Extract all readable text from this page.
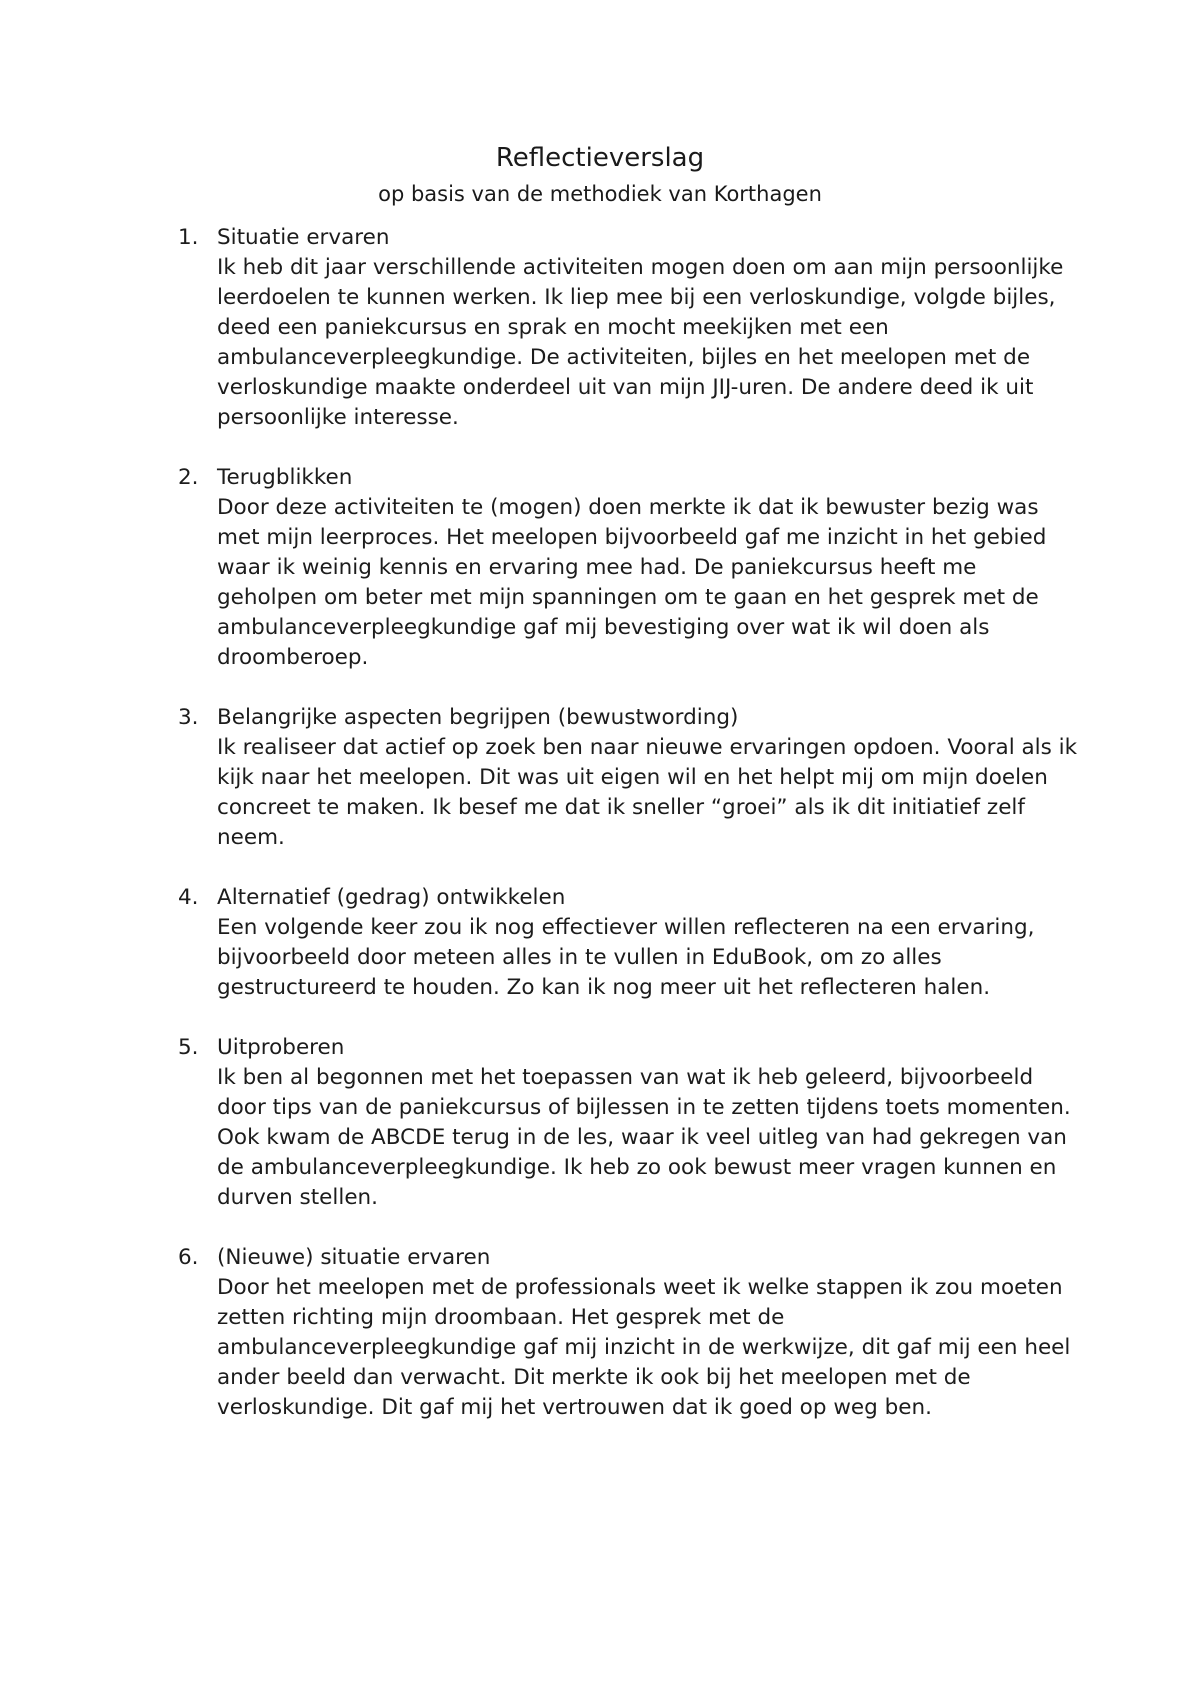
Reflectieverslag
op basis van de methodiek van Korthagen
1. Situatie ervaren
Ik heb dit jaar verschillende activiteiten mogen doen om aan mijn persoonlijke leerdoelen te kunnen werken. Ik liep mee bij een verloskundige, volgde bijles, deed een paniekcursus en sprak en mocht meekijken met een ambulanceverpleegkundige. De activiteiten, bijles en het meelopen met de verloskundige maakte onderdeel uit van mijn JIJ-uren. De andere deed ik uit persoonlijke interesse.
2. Terugblikken
Door deze activiteiten te (mogen) doen merkte ik dat ik bewuster bezig was met mijn leerproces. Het meelopen bijvoorbeeld gaf me inzicht in het gebied waar ik weinig kennis en ervaring mee had. De paniekcursus heeft me geholpen om beter met mijn spanningen om te gaan en het gesprek met de ambulanceverpleegkundige gaf mij bevestiging over wat ik wil doen als droomberoep.
3. Belangrijke aspecten begrijpen (bewustwording)
Ik realiseer dat actief op zoek ben naar nieuwe ervaringen opdoen. Vooral als ik kijk naar het meelopen. Dit was uit eigen wil en het helpt mij om mijn doelen concreet te maken. Ik besef me dat ik sneller “groei” als ik dit initiatief zelf neem.
4. Alternatief (gedrag) ontwikkelen
Een volgende keer zou ik nog effectiever willen reflecteren na een ervaring, bijvoorbeeld door meteen alles in te vullen in EduBook, om zo alles gestructureerd te houden. Zo kan ik nog meer uit het reflecteren halen.
5. Uitproberen
Ik ben al begonnen met het toepassen van wat ik heb geleerd, bijvoorbeeld door tips van de paniekcursus of bijlessen in te zetten tijdens toets momenten. Ook kwam de ABCDE terug in de les, waar ik veel uitleg van had gekregen van de ambulanceverpleegkundige. Ik heb zo ook bewust meer vragen kunnen en durven stellen.
6. (Nieuwe) situatie ervaren
Door het meelopen met de professionals weet ik welke stappen ik zou moeten zetten richting mijn droombaan. Het gesprek met de ambulanceverpleegkundige gaf mij inzicht in de werkwijze, dit gaf mij een heel ander beeld dan verwacht. Dit merkte ik ook bij het meelopen met de verloskundige. Dit gaf mij het vertrouwen dat ik goed op weg ben.
